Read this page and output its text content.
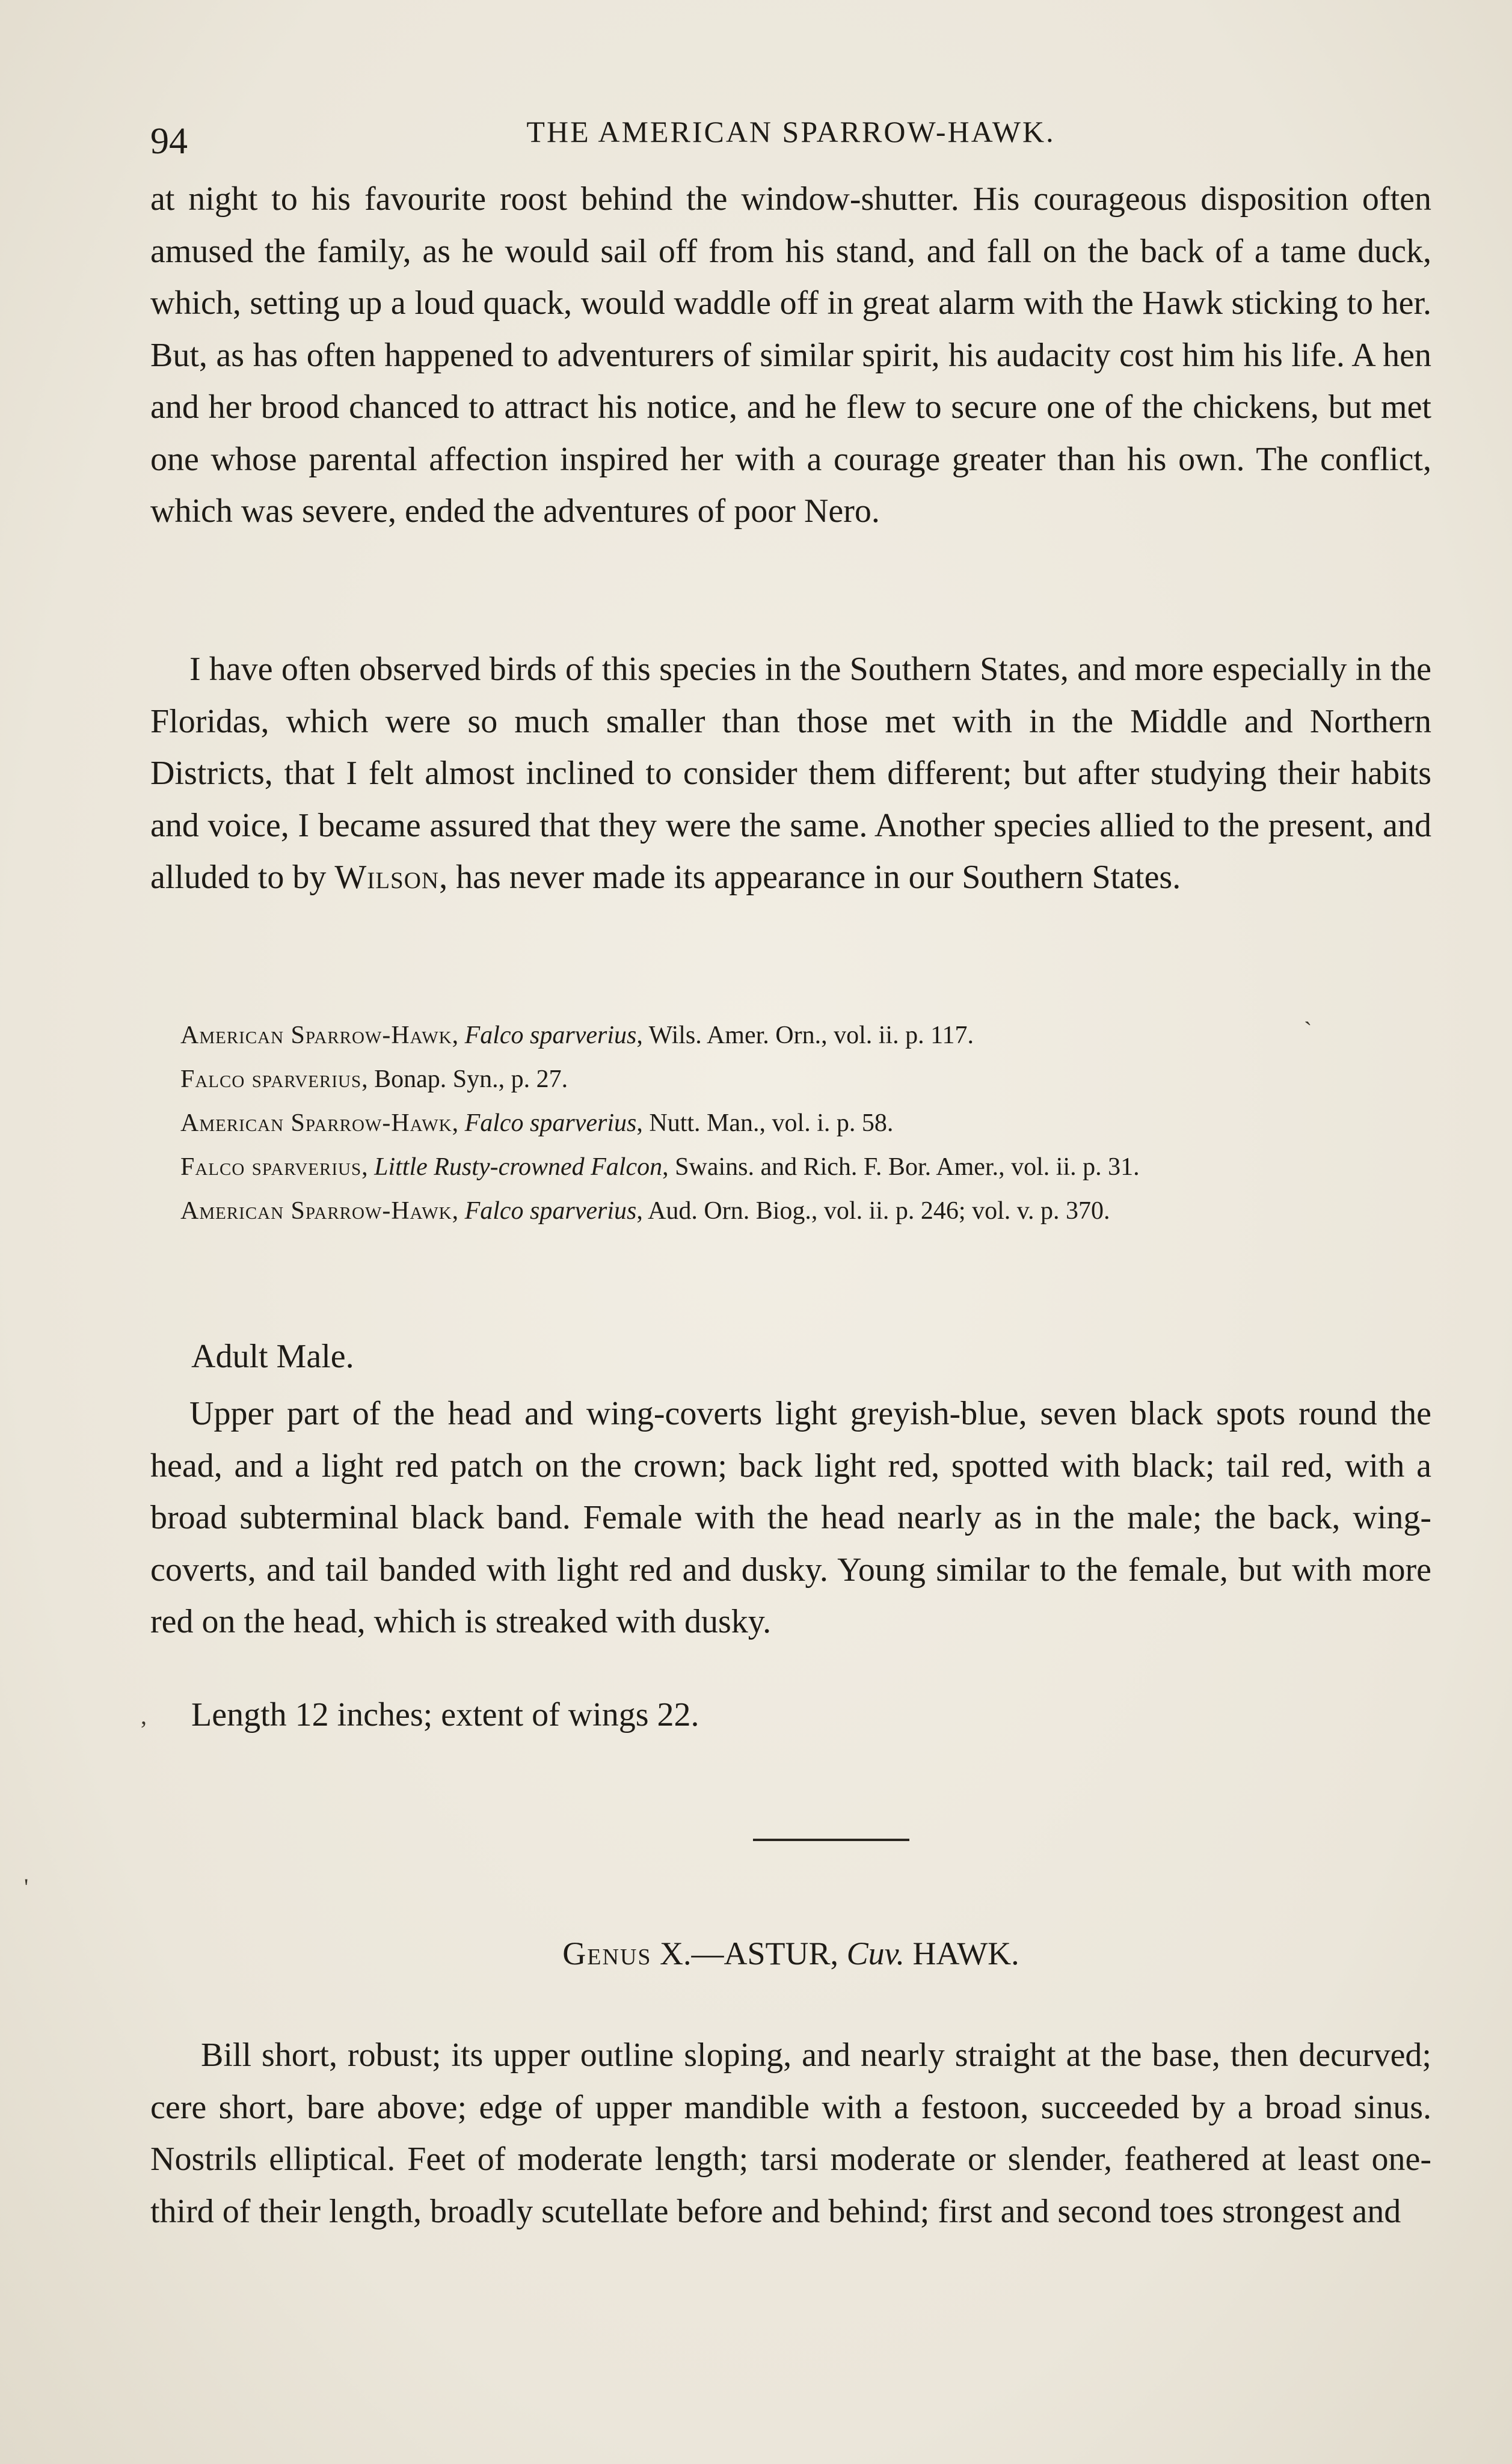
94	THE AMERICAN SPARROW-HAWK.

at night to his favourite roost behind the window-shutter. His courageous disposition often amused the family, as he would sail off from his stand, and fall on the back of a tame duck, which, setting up a loud quack, would waddle off in great alarm with the Hawk sticking to her. But, as has often happened to adventurers of similar spirit, his audacity cost him his life. A hen and her brood chanced to attract his notice, and he flew to secure one of the chickens, but met one whose parental affection inspired her with a courage greater than his own. The conflict, which was severe, ended the adventures of poor Nero.

I have often observed birds of this species in the Southern States, and more especially in the Floridas, which were so much smaller than those met with in the Middle and Northern Districts, that I felt almost inclined to consider them different; but after studying their habits and voice, I became assured that they were the same. Another species allied to the present, and alluded to by Wilson, has never made its appearance in our Southern States.

American Sparrow-Hawk, Falco sparverius, Wils. Amer. Orn., vol. ii. p. 117.
Falco sparverius, Bonap. Syn., p. 27.
American Sparrow-Hawk, Falco sparverius, Nutt. Man., vol. i. p. 58.
Falco sparverius, Little Rusty-crowned Falcon, Swains. and Rich. F. Bor. Amer., vol. ii. p. 31.
American Sparrow-Hawk, Falco sparverius, Aud. Orn. Biog., vol. ii. p. 246; vol. v. p. 370.
Adult Male.

Upper part of the head and wing-coverts light greyish-blue, seven black spots round the head, and a light red patch on the crown; back light red, spotted with black; tail red, with a broad subterminal black band. Female with the head nearly as in the male; the back, wing-coverts, and tail banded with light red and dusky. Young similar to the female, but with more red on the head, which is streaked with dusky.

Length 12 inches; extent of wings 22.
Genus X.—ASTUR, Cuv. HAWK.

Bill short, robust; its upper outline sloping, and nearly straight at the base, then decurved; cere short, bare above; edge of upper mandible with a festoon, succeeded by a broad sinus. Nostrils elliptical. Feet of moderate length; tarsi moderate or slender, feathered at least one-third of their length, broadly scutellate before and behind; first and second toes strongest and

`
‚
'
